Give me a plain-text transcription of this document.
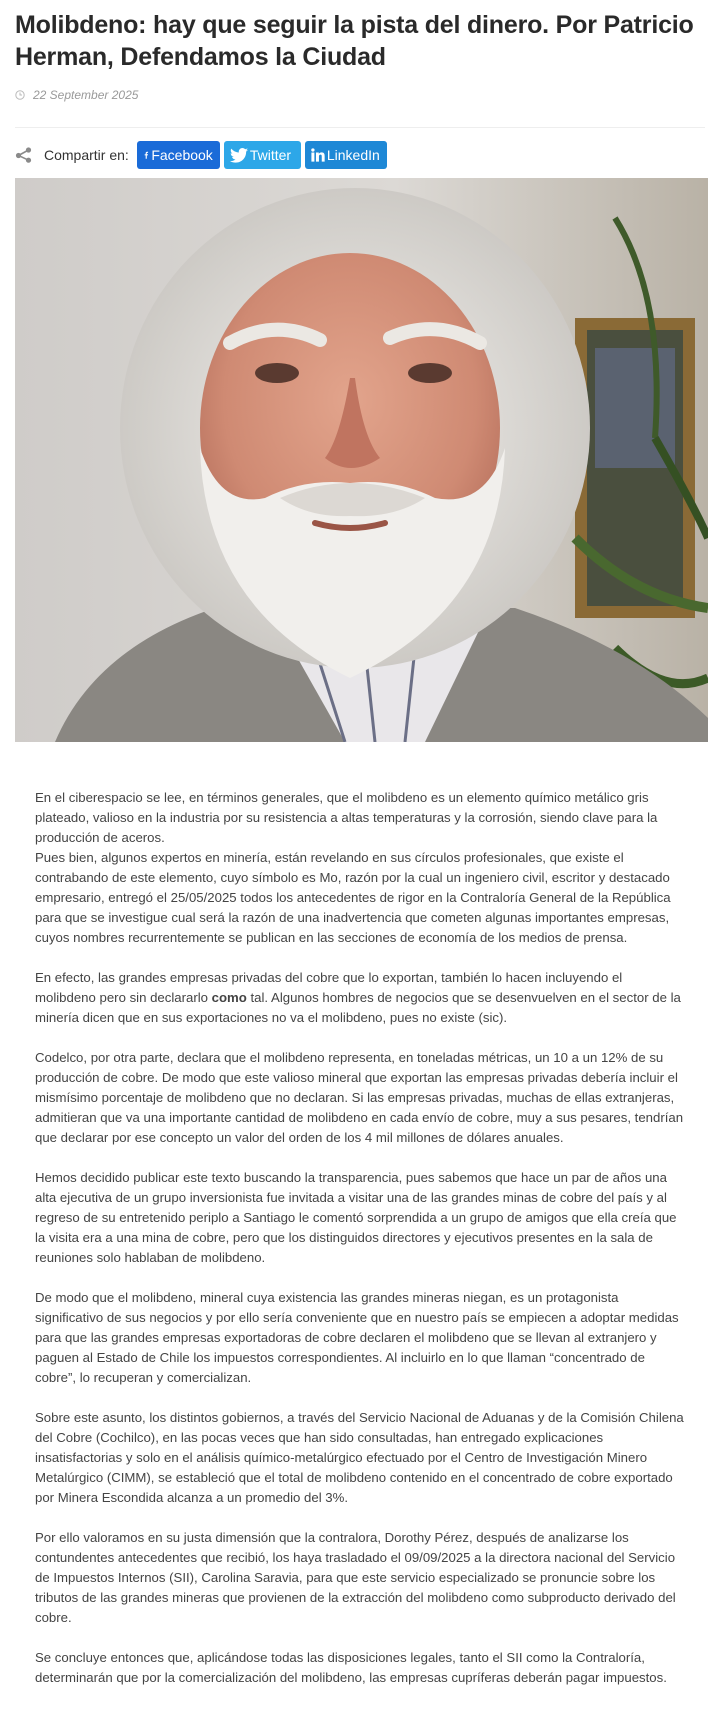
Molibdeno: hay que seguir la pista del dinero. Por Patricio Herman, Defendamos la Ciudad
22 September 2025
Compartir en: Facebook	Twitter	LinkedIn

En el ciberespacio se lee, en términos generales, que el molibdeno es un elemento químico metálico gris plateado, valioso en la industria por su resistencia a altas temperaturas y la corrosión, siendo clave para la producción de aceros.

Pues bien, algunos expertos en minería, están revelando en sus círculos profesionales, que existe el contrabando de este elemento, cuyo símbolo es Mo, razón por la cual un ingeniero civil, escritor y destacado empresario, entregó el 25/05/2025 todos los antecedentes de rigor en la Contraloría General de la República para que se investigue cual será la razón de una inadvertencia que cometen algunas importantes empresas, cuyos nombres recurrentemente se publican en las secciones de economía de los medios de prensa.

En efecto, las grandes empresas privadas del cobre que lo exportan, también lo hacen incluyendo el molibdeno pero sin declararlo como tal. Algunos hombres de negocios que se desenvuelven en el sector de la minería dicen que en sus exportaciones no va el molibdeno, pues no existe (sic).

Codelco, por otra parte, declara que el molibdeno representa, en toneladas métricas, un 10 a un 12% de su producción de cobre. De modo que este valioso mineral que exportan las empresas privadas debería incluir el mismísimo porcentaje de molibdeno que no declaran. Si las empresas privadas, muchas de ellas extranjeras, admitieran que va una importante cantidad de molibdeno en cada envío de cobre, muy a sus pesares, tendrían que declarar por ese concepto un valor del orden de los 4 mil millones de dólares anuales.

Hemos decidido publicar este texto buscando la transparencia, pues sabemos que hace un par de años una alta ejecutiva de un grupo inversionista fue invitada a visitar una de las grandes minas de cobre del país y al regreso de su entretenido periplo a Santiago le comentó sorprendida a un grupo de amigos que ella creía que la visita era a una mina de cobre, pero que los distinguidos directores y ejecutivos presentes en la sala de reuniones solo hablaban de molibdeno.

De modo que el molibdeno, mineral cuya existencia las grandes mineras niegan, es un protagonista significativo de sus negocios y por ello sería conveniente que en nuestro país se empiecen a adoptar medidas para que las grandes empresas exportadoras de cobre declaren el molibdeno que se llevan al extranjero y paguen al Estado de Chile los impuestos correspondientes. Al incluirlo en lo que llaman “concentrado de cobre”, lo recuperan y comercializan.

Sobre este asunto, los distintos gobiernos, a través del Servicio Nacional de Aduanas y de la Comisión Chilena del Cobre (Cochilco), en las pocas veces que han sido consultadas, han entregado explicaciones insatisfactorias y solo en el análisis químico-metalúrgico efectuado por el Centro de Investigación Minero Metalúrgico (CIMM), se estableció que el total de molibdeno contenido en el concentrado de cobre exportado por Minera Escondida alcanza a un promedio del 3%.

Por ello valoramos en su justa dimensión que la contralora, Dorothy Pérez, después de analizarse los contundentes antecedentes que recibió, los haya trasladado el 09/09/2025 a la directora nacional del Servicio de Impuestos Internos (SII), Carolina Saravia, para que este servicio especializado se pronuncie sobre los tributos de las grandes mineras que provienen de la extracción del molibdeno como subproducto derivado del cobre.

Se concluye entonces que, aplicándose todas las disposiciones legales, tanto el SII como la Contraloría, determinarán que por la comercialización del molibdeno, las empresas cupríferas deberán pagar impuestos.
